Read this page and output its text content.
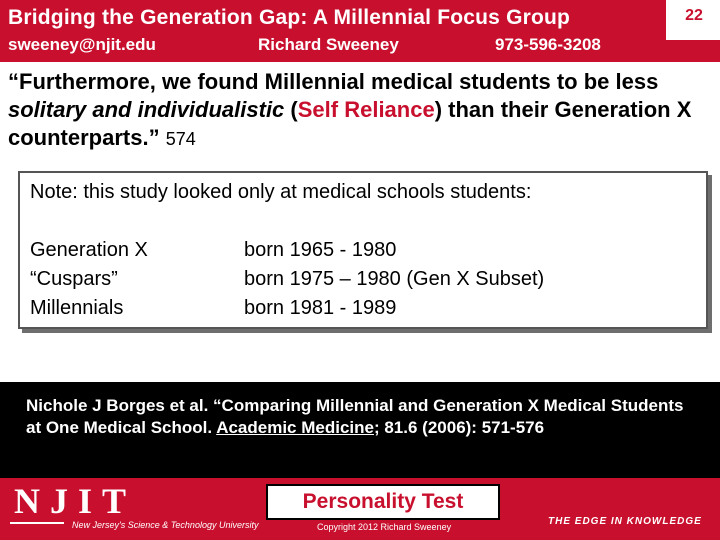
Bridging the Generation Gap: A Millennial Focus Group
sweeney@njit.edu	Richard Sweeney	973-596-3208
22
“Furthermore, we found Millennial medical students to be less solitary and individualistic (Self Reliance) than their Generation X counterparts.” 574
Note: this study looked only at medical schools students:
Generation X	born 1965 - 1980
“Cuspars”	born 1975 – 1980 (Gen X Subset)
Millennials	born 1981 - 1989
Nichole J Borges et al. “Comparing Millennial and Generation X Medical Students at One Medical School. Academic Medicine; 81.6 (2006): 571-576
NJIT
New Jersey's Science & Technology University
Personality Test
Copyright 2012 Richard Sweeney	THE EDGE IN KNOWLEDGE
